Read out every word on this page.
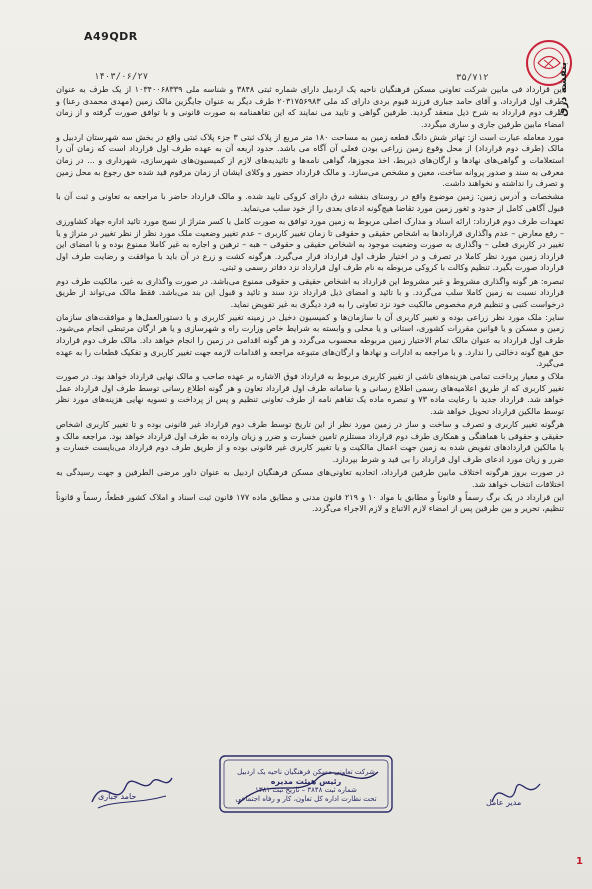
A49QDR
۱۴۰۳/۰۶/۲۷	۳۵/۷۱۲	بنفشه درق

این قرارداد فی مابین شرکت تعاونی مسکن فرهنگیان ناحیه یک اردبیل دارای شماره ثبتی ۳۸۴۸ و شناسه ملی ۱۰۳۴۰۰۶۸۳۳۹ از یک طرف به عنوان طرف اول قرارداد، و آقای حامد جباری فرزند قیوم بردی دارای کد ملی ۲۰۳۱۷۵۶۹۸۳ طرف دیگر به عنوان جایگزین مالک زمین (مهدی محمدی رعنا) و طرف دوم قرارداد به شرح ذیل منعقد گردید. طرفین گواهی و تایید می نمایند که این تفاهمنامه به صورت قانونی و با توافق صورت گرفته و از زمان امضاء مابین طرفین جاری و ساری میگردد.

مورد معامله عبارت است از: تهاتر شش دانگ قطعه زمین به مساحت ۱۸۰ متر مربع از پلاک ثبتی ۳ جزء پلاک ثبتی واقع در بخش سه شهرستان اردبیل و مالک (طرف دوم قرارداد) از محل وقوع زمین زراعی بودن فعلی آن آگاه می باشد. حدود اربعه آن به عهده طرف اول قرارداد است که زمان آن را استعلامات و گواهی‌های نهادها و ارگان‌های ذیربط، اخذ مجوزها، گواهی نامه‌ها و تائیدیه‌های لازم از کمیسیون‌های شهرسازی، شهرداری و ... در زمان معرفی به سند و صدور پروانه ساخت، معین و مشخص می‌سازد. و مالک قرارداد حضور و وکلای ایشان از زمان مرقوم قید شده حق رجوع به محل زمین و تصرف را نداشته و نخواهند داشت.

مشخصات و آدرس زمین: زمین موضوع واقع در روستای بنفشه درق دارای کروکی تایید شده. و مالک قرارداد حاضر با مراجعه به تعاونی و ثبت آن با قبول آگاهی کامل از حدود و ثغور زمین مورد تقاضا هیچ‌گونه ادعای بعدی را از خود سلب می‌نماید.

تعهدات طرف دوم قرارداد: ارائه اسناد و مدارک اصلی مربوط به زمین مورد توافق به صورت کامل با کسر متراژ از نسج مورد تائید اداره جهاد کشاورزی – رفع معارض – عدم واگذاری قراردادها به اشخاص حقیقی و حقوقی تا زمان تغییر کاربری – عدم تغییر وضعیت ملک مورد نظر از نظر تغییر در متراژ و یا تغییر در کاربری فعلی – واگذاری به صورت وضعیت موجود به اشخاص حقیقی و حقوقی – هبه – ترهین و اجاره به غیر کاملا ممنوع بوده و با امضای این قرارداد زمین مورد نظر کاملا در تصرف و در اختیار طرف اول قرارداد قرار می‌گیرد. هرگونه کشت و زرع در آن باید با موافقت و رضایت طرف اول قرارداد صورت بگیرد. تنظیم وکالت با کروکی مربوطه به نام طرف اول قرارداد نزد دفاتر رسمی و ثبتی.

تبصره: هر گونه واگذاری مشروط و غیر مشروط این قرارداد به اشخاص حقیقی و حقوقی ممنوع می‌باشد. در صورت واگذاری به غیر، مالکیت طرف دوم قرارداد نسبت به زمین کاملا سلب می‌گردد. و با تائید و امضای ذیل قرارداد نزد سند و تائید و قبول این بند می‌باشد. فقط مالک می‌تواند از طریق درخواست کتبی و تنظیم فرم مخصوص مالکیت خود نزد تعاونی را به فرد دیگری به غیر تفویض نماید.

سایر: ملک مورد نظر زراعی بوده و تغییر کاربری آن با سازمان‌ها و کمیسیون دخیل در زمینه تغییر کاربری و یا دستورالعمل‌ها و موافقت‌های سازمان زمین و مسکن و یا قوانین مقررات کشوری، استانی و یا محلی و وابسته به شرایط خاص وزارت راه و شهرسازی و یا هر ارگان مرتبطی انجام می‌شود. طرف اول قرارداد به عنوان مالک تمام الاختیار زمین مربوطه محسوب می‌گردد و هر گونه اقدامی در زمین را انجام خواهد داد. مالک طرف دوم قرارداد حق هیچ گونه دخالتی را ندارد. و با مراجعه به ادارات و نهادها و ارگان‌های متبوعه مراجعه و اقدامات لازمه جهت تغییر کاربری و تفکیک قطعات را به عهده می‌گیرد.

ملاک و معیار پرداخت تمامی هزینه‌های ناشی از تغییر کاربری مربوط به قرارداد فوق الاشاره بر عهده صاحب و مالک نهایی قرارداد خواهد بود. در صورت تغییر کاربری که از طریق اعلامیه‌های رسمی اطلاع رسانی و یا سامانه طرف اول قرارداد تعاون و هر گونه اطلاع رسانی توسط طرف اول قرارداد عمل خواهد شد. قرارداد جدید با رعایت ماده ۷۳ و تبصره ماده یک تفاهم نامه از طرف تعاونی تنظیم و پس از پرداخت و تسویه نهایی هزینه‌های مورد نظر توسط مالکین قرارداد تحویل خواهد شد.

هرگونه تغییر کاربری و تصرف و ساخت و ساز در زمین مورد نظر از این تاریخ توسط طرف دوم قرارداد غیر قانونی بوده و تا تغییر کاربری اشخاص حقیقی و حقوقی با هماهنگی و همکاری طرف دوم قرارداد مستلزم تامین خسارت و ضرر و زیان وارده به طرف اول قرارداد خواهد بود. مراجعه مالک و یا مالکین قراردادهای تفویض شده به زمین جهت اعمال مالکیت و یا تغییر کاربری غیر قانونی بوده و از طریق طرف دوم قرارداد می‌بایست خسارت و ضرر و زیان مورد ادعای طرف اول قرارداد را بی قید و شرط بپردازد.

در صورت بروز هرگونه اختلاف مابین طرفین قرارداد، اتحادیه تعاونی‌های مسکن فرهنگیان اردبیل به عنوان داور مرضی الطرفین و جهت رسیدگی به اختلافات انتخاب خواهد شد.

این قرارداد در یک برگ رسماً و قانوناً و مطابق با مواد ۱۰ و ۲۱۹ قانون مدنی و مطابق ماده ۱۷۷ قانون ثبت اسناد و املاک کشور قطعاً، رسماً و قانوناً تنظیم، تحریر و بین طرفین پس از امضاء لازم الاتباع و لازم الاجراء می‌گردد.

حامد جباری
شرکت تعاونی مسکن فرهنگیان ناحیه یک اردبیل
رئیس هیئت مدیره
شماره ثبت ۳۸۴۸ – تاریخ ثبت ۱۳۸۱
تحت نظارت اداره کل تعاون، کار و رفاه اجتماعی	مدیر عامل
1
